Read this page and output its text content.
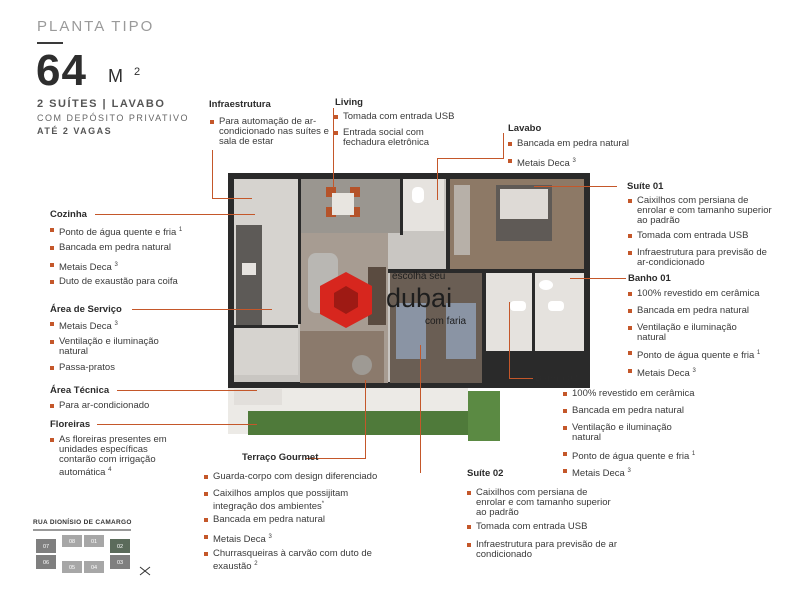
PLANTA TIPO
64 M 2
2 SUÍTES | LAVABO
COM DEPÓSITO PRIVATIVO
ATÉ 2 VAGAS
escolha seu
dubai
com faria
Infraestrutura
Para automação de ar-condicionado nas suítes e sala de estar
Living
Tomada com entrada USB
Entrada social com fechadura eletrônica
Lavabo
Bancada em pedra natural
Metais Deca $^3$
Cozinha
Ponto de água quente e fria $^1$
Bancada em pedra natural
Metais Deca $^3$
Duto de exaustão para coifa
Área de Serviço
Metais Deca $^3$
Ventilação e iluminação natural
Passa-pratos
Área Técnica
Para ar-condicionado
Floreiras
As floreiras presentes em unidades específicas contarão com irrigação automática $^4$
Terraço Gourmet
Guarda-corpo com design diferenciado
Caixilhos amplos que possijitam integração dos ambientes*
Bancada em pedra natural
Metais Deca $^3$
Churrasqueiras à carvão com duto de exaustão $^2$
Suíte 01
Caixilhos com persiana de enrolar e com tamanho superior ao padrão
Tomada com entrada USB
Infraestrutura para previsão de ar-condicionado
Banho 01
100% revestido em cerâmica
Bancada em pedra natural
Ventilação e iluminação natural
Ponto de água quente e fria $^1$
Metais Deca $^3$
Banho 02
100% revestido em cerâmica
Bancada em pedra natural
Ventilação e iluminação natural
Ponto de água quente e fria $^1$
Metais Deca $^3$
Suíte 02
Caixilhos com persiana de enrolar e com tamanho superior ao padrão
Tomada com entrada USB
Infraestrutura para previsão de ar condicionado
RUA DIONÍSIO DE CAMARGO
07
06
08	01
05	04
02
03
